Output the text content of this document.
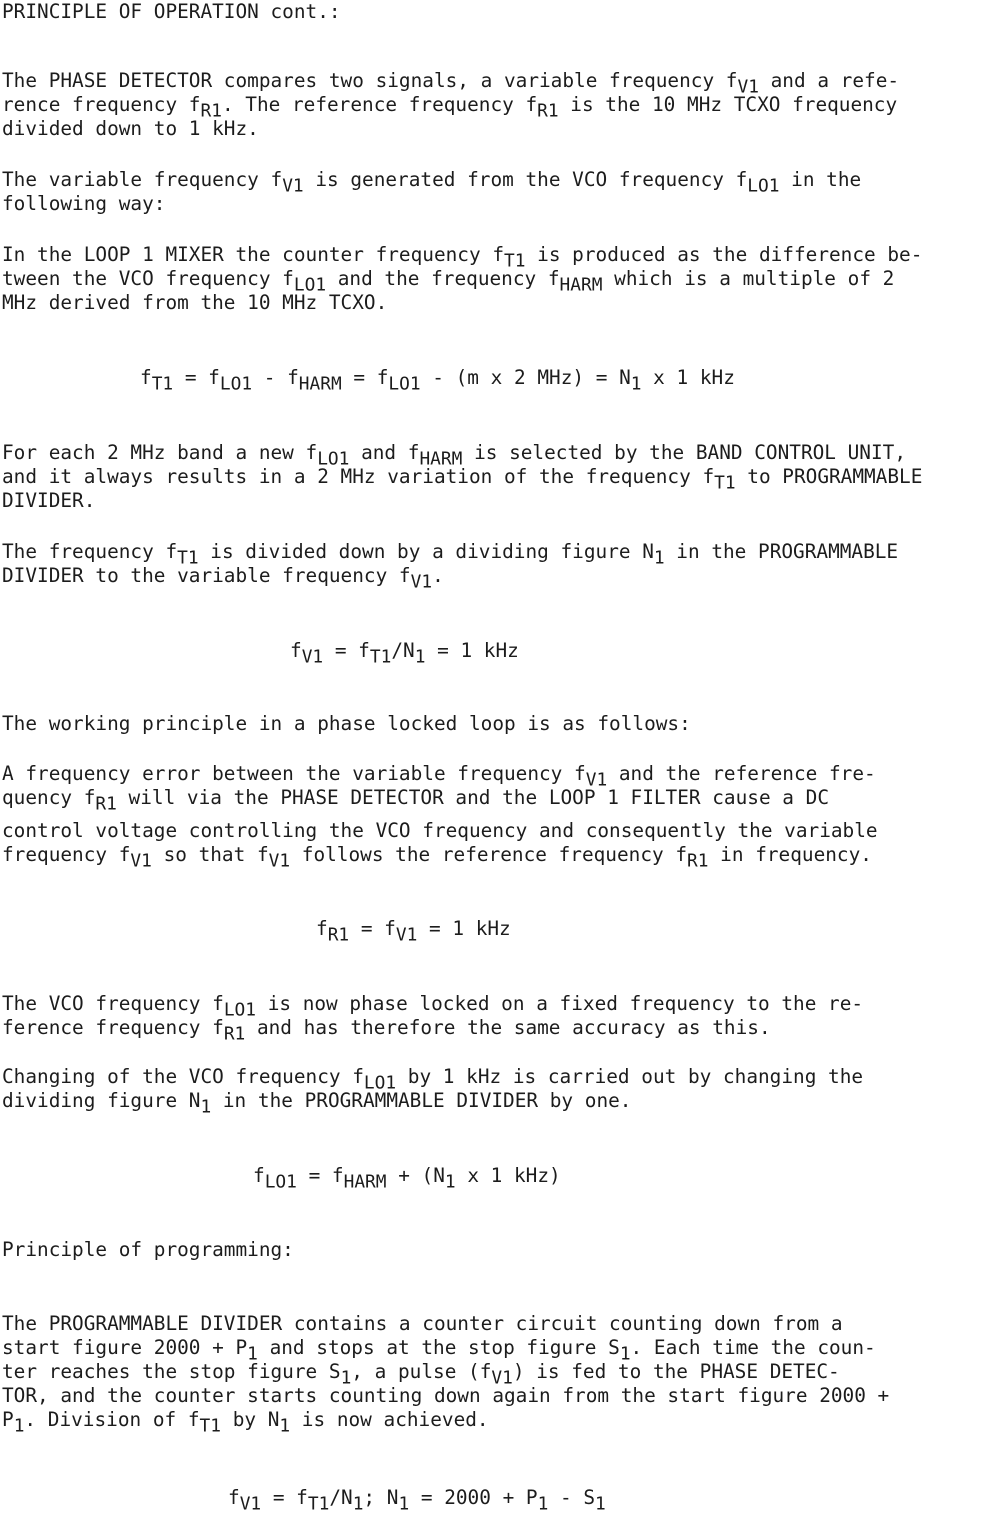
PRINCIPLE OF OPERATION cont.:
The PHASE DETECTOR compares two signals, a variable frequency $f_{V1}$ and a refe-
rence frequency $f_{R1}$. The reference frequency $f_{R1}$ is the 10 MHz TCXO frequency
divided down to 1 kHz.
The variable frequency $f_{V1}$ is generated from the VCO frequency $f_{LO1}$ in the
following way:
In the LOOP 1 MIXER the counter frequency $f_{T1}$ is produced as the difference be-
tween the VCO frequency $f_{LO1}$ and the frequency $f_{HARM}$ which is a multiple of 2
MHz derived from the 10 MHz TCXO.
$f_{T1} = f_{LO1} - f_{HARM} = f_{LO1} - (m$ x 2 $MHz) = N_1$ x 1 kHz
For each 2 MHz band a new $f_{LO1}$ and $f_{HARM}$ is selected by the BAND CONTROL UNIT,
and it always results in a 2 MHz variation of the frequency $f_{T1}$ to PROGRAMMABLE
DIVIDER.
The frequency $f_{T1}$ is divided down by a dividing figure $N_1$ in the PROGRAMMABLE
DIVIDER to the variable frequency $f_{V1}$.
$f_{V1} = f_{T1}/N_1 = 1$ kHz
The working principle in a phase locked loop is as follows:
A frequency error between the variable frequency $f_{V1}$ and the reference fre-
quency $f_{R1}$ will via the PHASE DETECTOR and the LOOP 1 FILTER cause a DC
control voltage controlling the VCO frequency and consequently the variable
frequency $f_{V1}$ so that $f_{V1}$ follows the reference frequency $f_{R1}$ in frequency.
$f_{R1} = f_{V1} = 1$ kHz
The VCO frequency $f_{LO1}$ is now phase locked on a fixed frequency to the re-
ference frequency $f_{R1}$ and has therefore the same accuracy as this.
Changing of the VCO frequency $f_{LO1}$ by 1 kHz is carried out by changing the
dividing figure $N_1$ in the PROGRAMMABLE DIVIDER by one.
$f_{LO1} = f_{HARM} + (N_1$ x 1 kHz)
Principle of programming:
The PROGRAMMABLE DIVIDER contains a counter circuit counting down from a
start figure $2000 + P_1$ and stops at the stop figure $S_1$. Each time the coun-
ter reaches the stop figure $S_1$, a pulse $(f_{V1})$ is fed to the PHASE DETEC-
TOR, and the counter starts counting down again from the start figure 2000 +
$P_1$. Division of $f_{T1}$ by $N_1$ is now achieved.
$f_{V1} = f_{T1}/N_1$; $N_1 = 2000 + P_1 - S_1$
